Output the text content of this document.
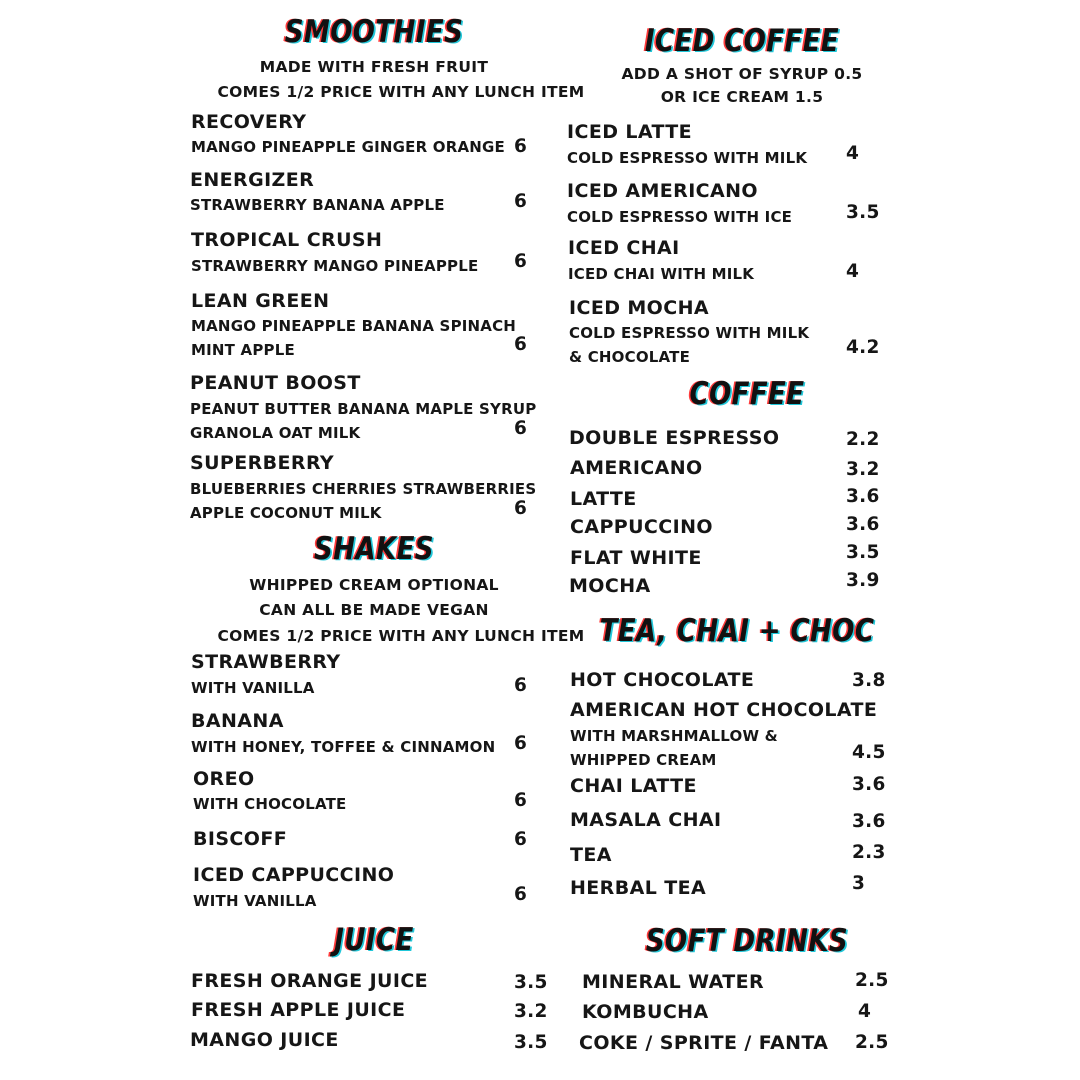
SMOOTHIES
MADE WITH FRESH FRUIT
COMES 1/2 PRICE WITH ANY LUNCH ITEM
RECOVERY
MANGO PINEAPPLE GINGER ORANGE 6
ENERGIZER
STRAWBERRY BANANA APPLE	6
TROPICAL CRUSH
STRAWBERRY MANGO PINEAPPLE 6
LEAN GREEN
MANGO PINEAPPLE BANANA SPINACH
MINT APPLE	6
PEANUT BOOST
PEANUT BUTTER BANANA MAPLE SYRUP
GRANOLA OAT MILK	6
SUPERBERRY
BLUEBERRIES CHERRIES STRAWBERRIES
APPLE COCONUT MILK	6
SHAKES
WHIPPED CREAM OPTIONAL
CAN ALL BE MADE VEGAN
COMES 1/2 PRICE WITH ANY LUNCH ITEM
STRAWBERRY
WITH VANILLA	6
BANANA
WITH HONEY, TOFFEE & CINNAMON 6
OREO
WITH CHOCOLATE	6
BISCOFF	6
ICED CAPPUCCINO
WITH VANILLA	6
JUICE
FRESH ORANGE JUICE	3.5
FRESH APPLE JUICE	3.2
MANGO JUICE	3.5
ICED COFFEE
ADD A SHOT OF SYRUP 0.5
OR ICE CREAM 1.5
ICED LATTE
COLD ESPRESSO WITH MILK 4
ICED AMERICANO
COLD ESPRESSO WITH ICE	3.5
ICED CHAI
ICED CHAI WITH MILK	4
ICED MOCHA
COLD ESPRESSO WITH MILK
& CHOCOLATE	4.2
COFFEE
DOUBLE ESPRESSO	2.2
AMERICANO	3.2
LATTE	3.6
CAPPUCCINO	3.6
FLAT WHITE	3.5
MOCHA	3.9
TEA, CHAI + CHOC
HOT CHOCOLATE	3.8
AMERICAN HOT CHOCOLATE
WITH MARSHMALLOW &
WHIPPED CREAM	4.5
CHAI LATTE	3.6
MASALA CHAI	3.6
TEA	2.3
HERBAL TEA	3
SOFT DRINKS
MINERAL WATER	2.5
KOMBUCHA	4
COKE / SPRITE / FANTA 2.5
